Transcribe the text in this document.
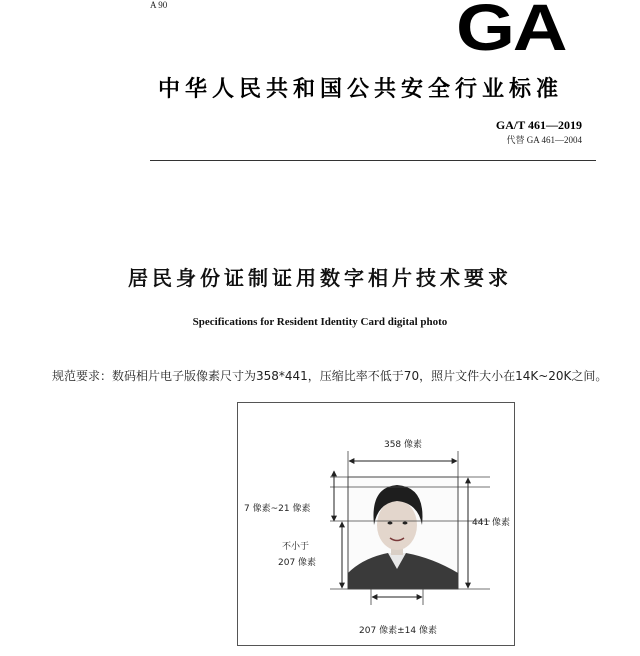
A 90	GA
中华人民共和国公共安全行业标准
GA/T 461—2019
代替 GA 461—2004
居民身份证制证用数字相片技术要求
Specifications for Resident Identity Card digital photo
规范要求：数码相片电子版像素尺寸为358*441，压缩比率不低于70，照片文件大小在14K~20K之间。
358 像素
441 像素
7 像素~21 像素
不小于
207 像素
207 像素±14 像素
